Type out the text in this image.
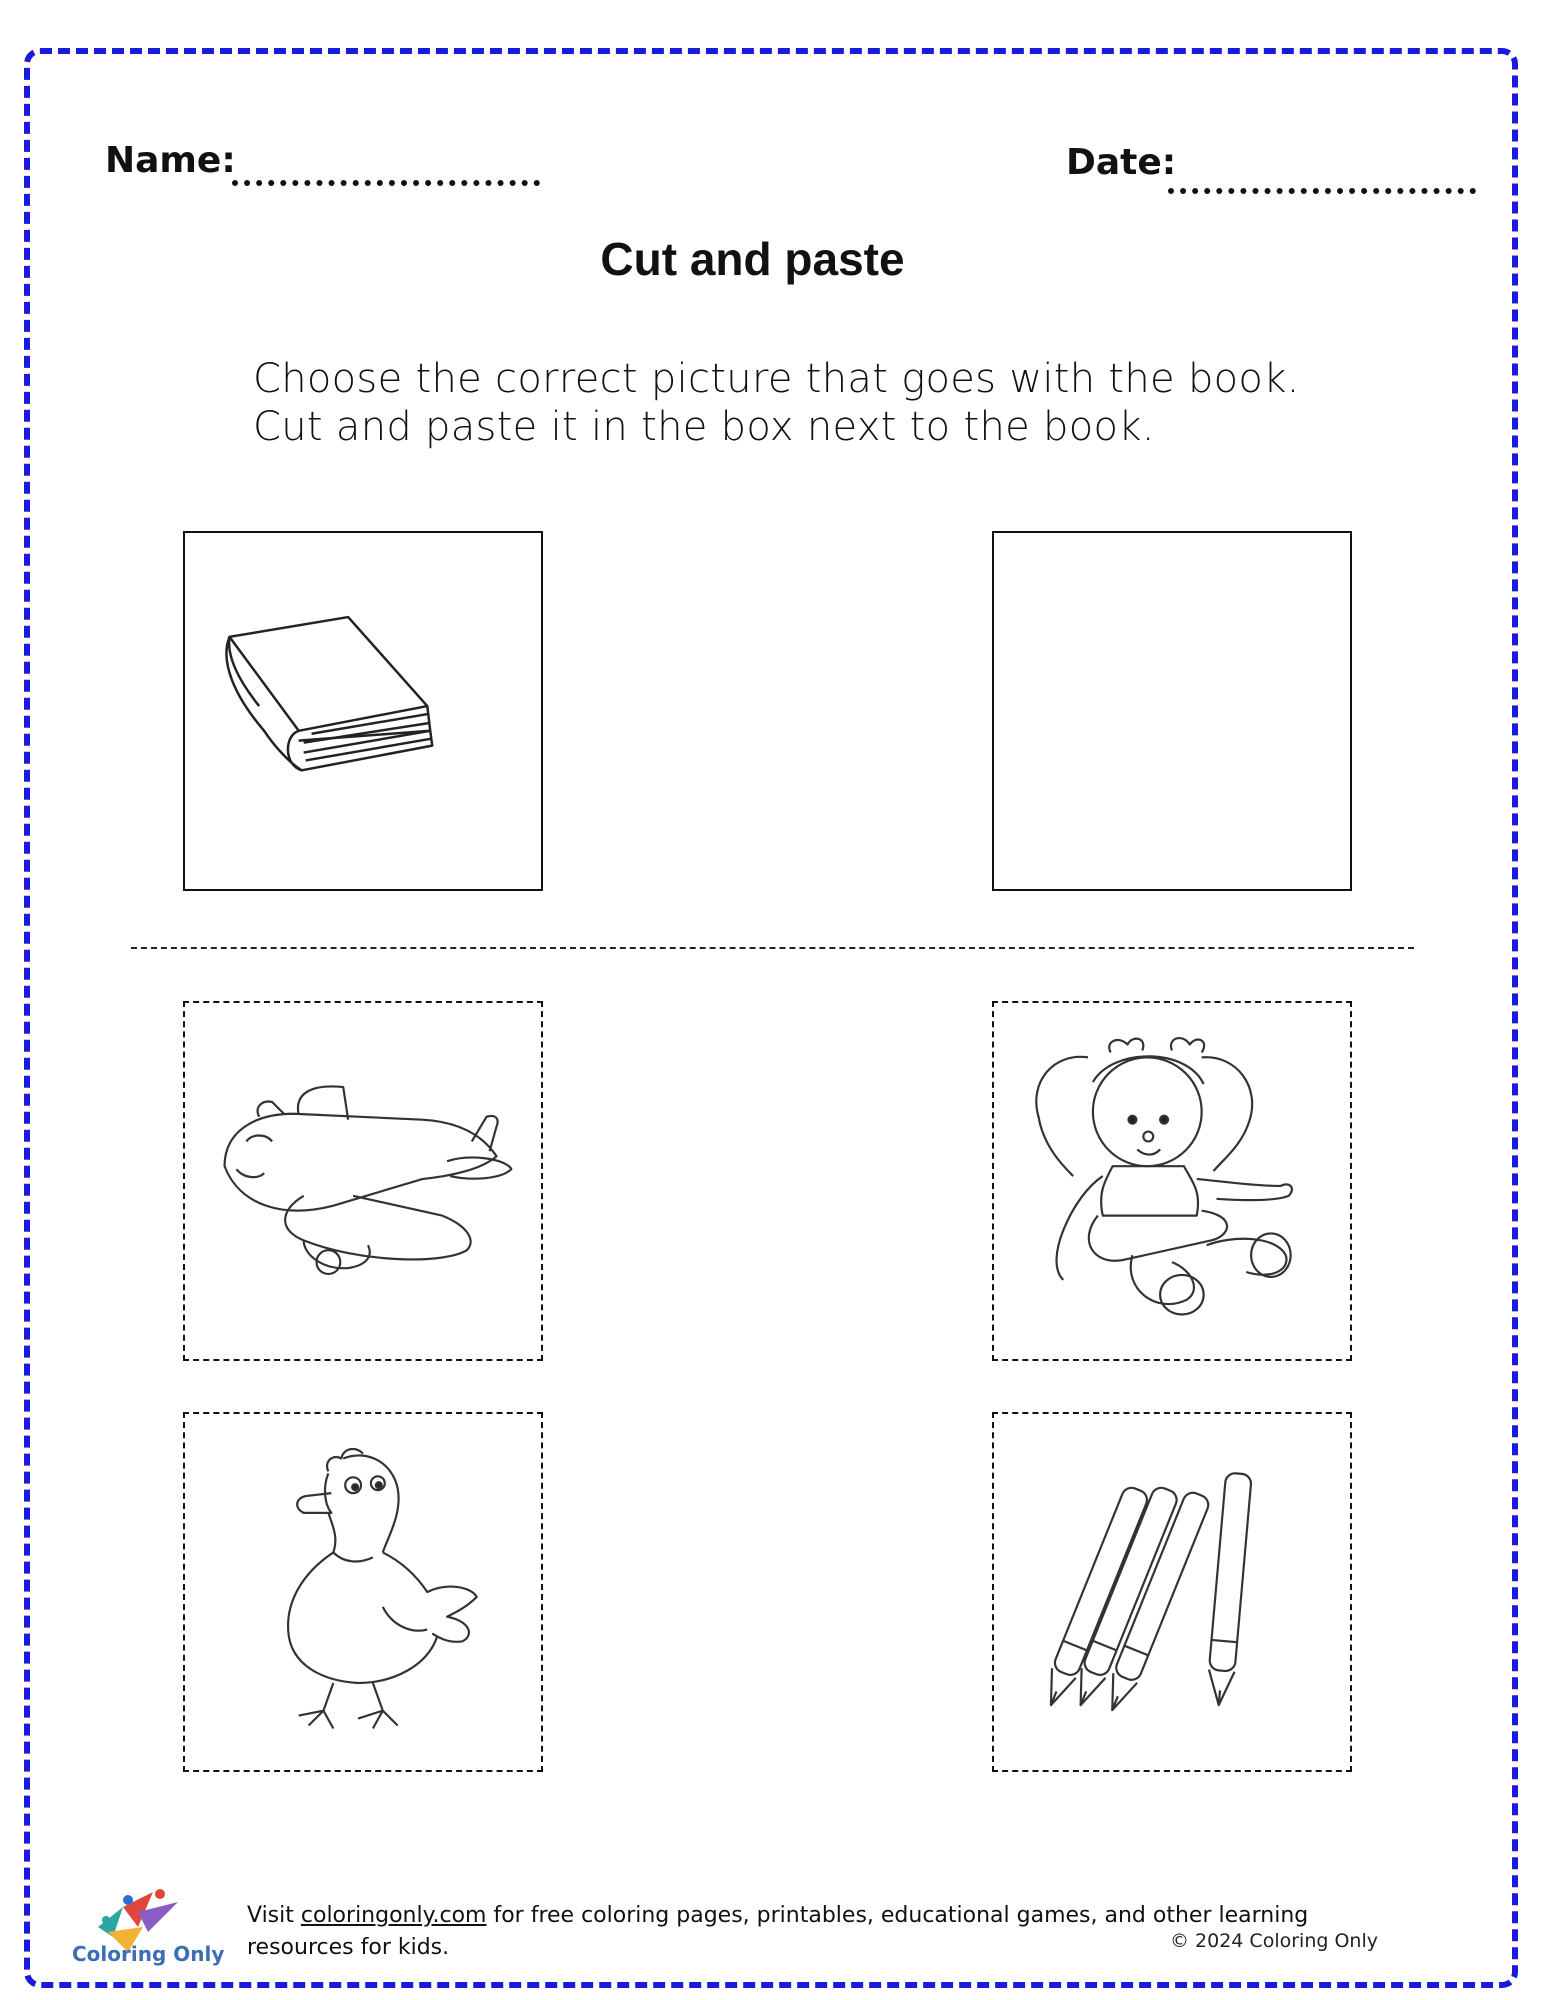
Name:	Date:
Cut and paste
Choose the correct picture that goes with the book.
Cut and paste it in the box next to the book.
Coloring Only
Visit coloringonly.com for free coloring pages, printables, educational games, and other learning resources for kids.	© 2024 Coloring Only
